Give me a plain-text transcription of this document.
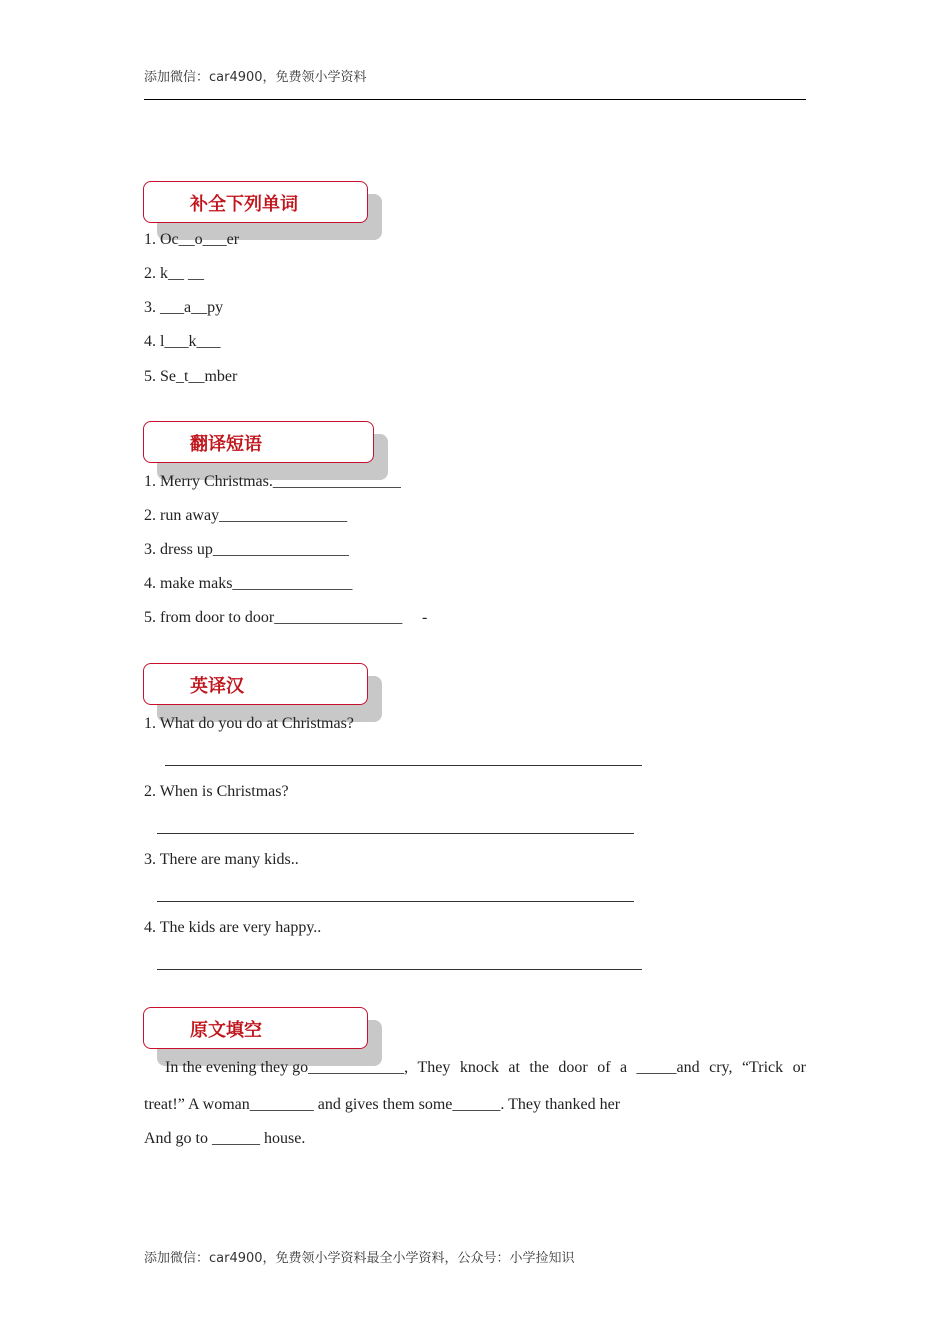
添加微信：car4900，免费领小学资料
补全下列单词
1. Oc__o___er
2. k__ __
3. ___a__py
4. l___k___
5. Se_t__mber
翻译短语
1. Merry Christmas.________________
2. run away________________
3. dress up_________________
4. make maks_______________
5. from door to door________________ -
英译汉
1. What do you do at Christmas?
2. When is Christmas?
3. There are many kids..
4. The kids are very happy..
原文填空
In the evening they go____________, They knock at the door of a _____and cry, “Trick or
treat!” A woman________ and gives them some______. They thanked her
And go to ______ house.
添加微信：car4900，免费领小学资料最全小学资料，公众号：小学捡知识
